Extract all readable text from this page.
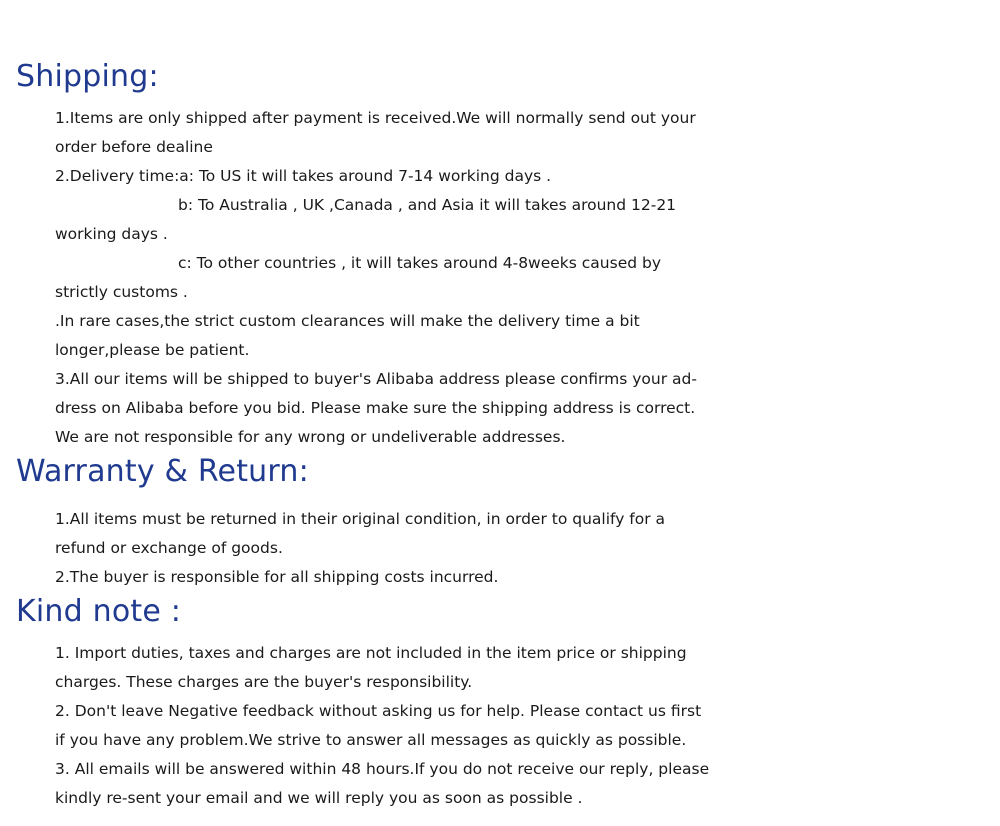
Shipping:

1.Items are only shipped after payment is received.We will normally send out your

order before dealine

2.Delivery time:a: To US it will takes around 7-14 working days .

b: To Australia , UK ,Canada , and Asia it will takes around 12-21

working days .

c: To other countries , it will takes around 4-8weeks caused by

strictly customs .

.In rare cases,the strict custom clearances will make the delivery time a bit

longer,please be patient.

3.All our items will be shipped to buyer's Alibaba address please confirms your ad-

dress on Alibaba before you bid. Please make sure the shipping address is correct.

We are not responsible for any wrong or undeliverable addresses.

Warranty & Return:

1.All items must be returned in their original condition, in order to qualify for a

refund or exchange of goods.

2.The buyer is responsible for all shipping costs incurred.

Kind note :

1. Import duties, taxes and charges are not included in the item price or shipping

charges. These charges are the buyer's responsibility.

2. Don't leave Negative feedback without asking us for help. Please contact us first

if you have any problem.We strive to answer all messages as quickly as possible.

3. All emails will be answered within 48 hours.If you do not receive our reply, please

kindly re-sent your email and we will reply you as soon as possible .
